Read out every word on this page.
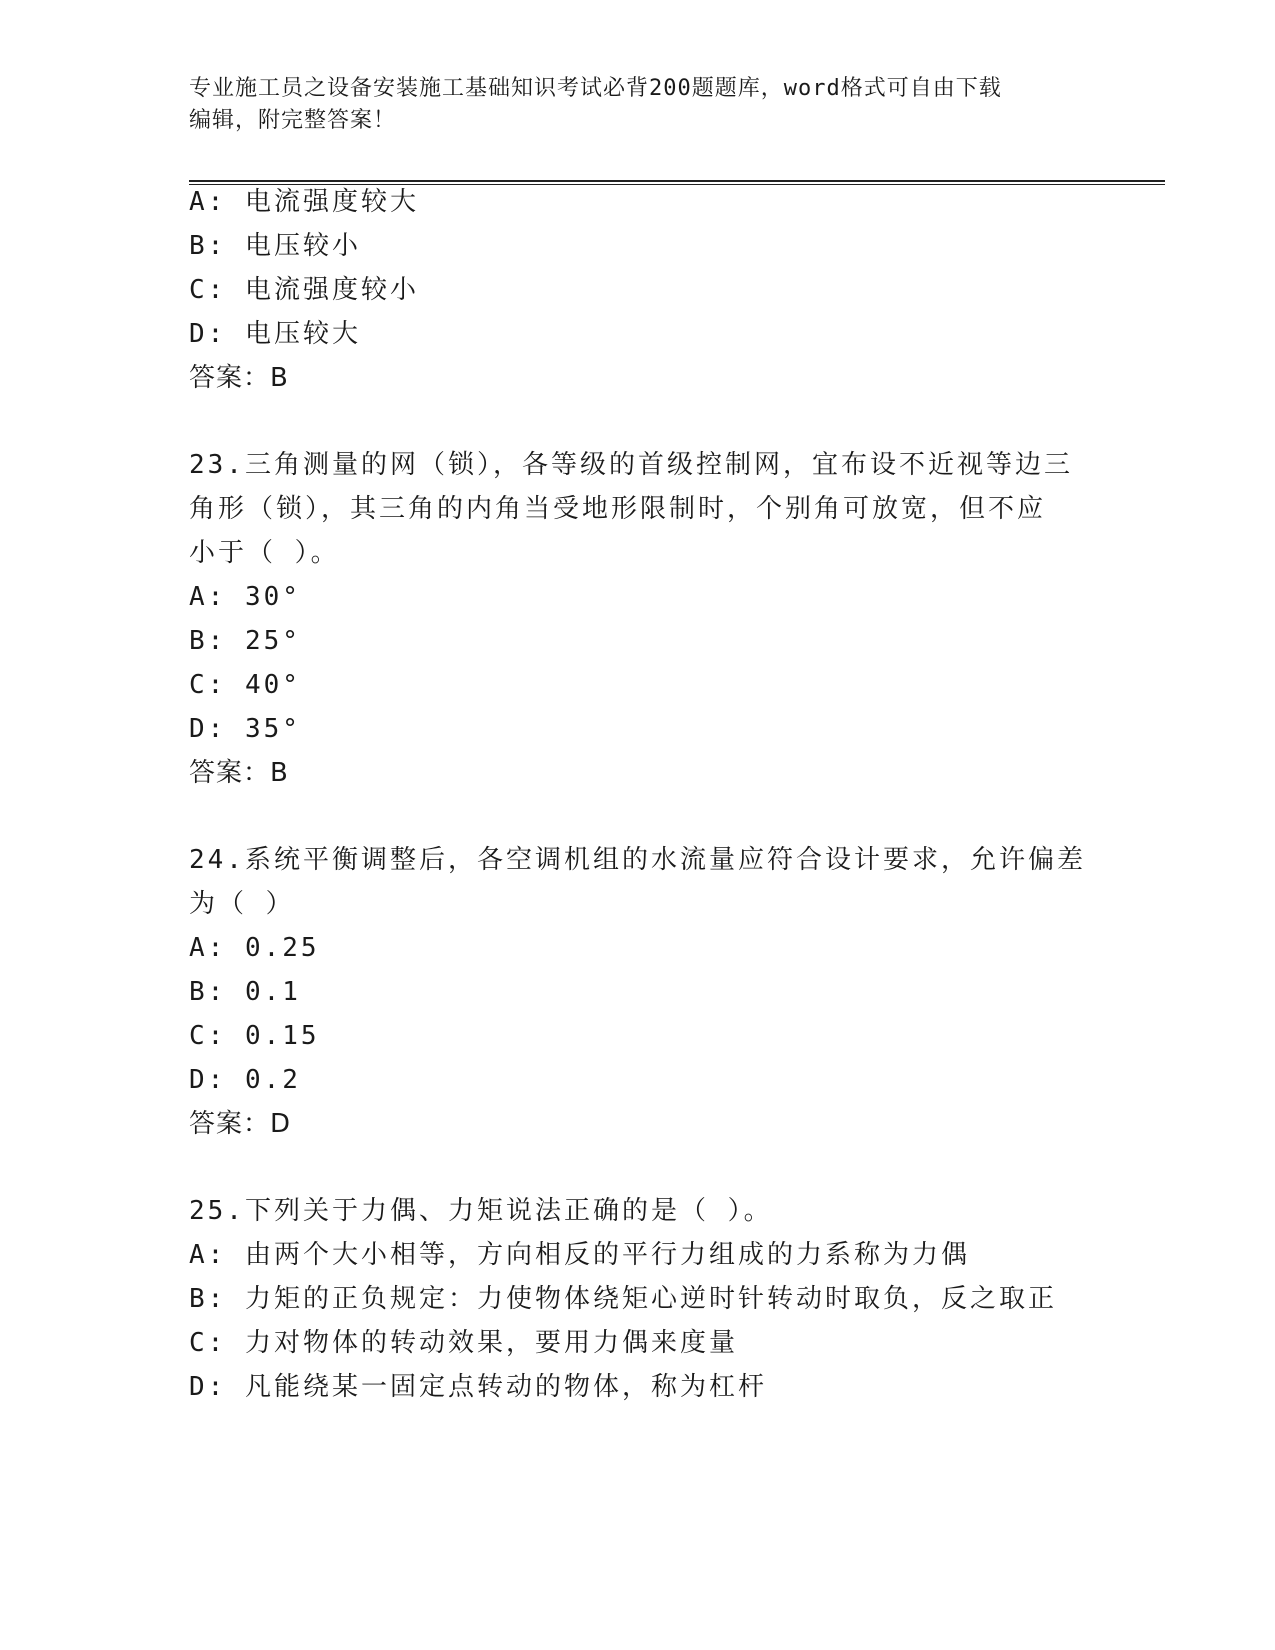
专业施工员之设备安装施工基础知识考试必背200题题库，word格式可自由下载
编辑，附完整答案！
A: 电流强度较大
B: 电压较小
C: 电流强度较小
D: 电压较大
答案：B
23.三角测量的网（锁），各等级的首级控制网，宜布设不近视等边三
角形（锁），其三角的内角当受地形限制时，个别角可放宽，但不应
小于（ ）。
A: 30°
B: 25°
C: 40°
D: 35°
答案：B
24.系统平衡调整后，各空调机组的水流量应符合设计要求，允许偏差
为（ ）
A: 0.25
B: 0.1
C: 0.15
D: 0.2
答案：D
25.下列关于力偶、力矩说法正确的是（ ）。
A: 由两个大小相等，方向相反的平行力组成的力系称为力偶
B: 力矩的正负规定：力使物体绕矩心逆时针转动时取负，反之取正
C: 力对物体的转动效果，要用力偶来度量
D: 凡能绕某一固定点转动的物体，称为杠杆
